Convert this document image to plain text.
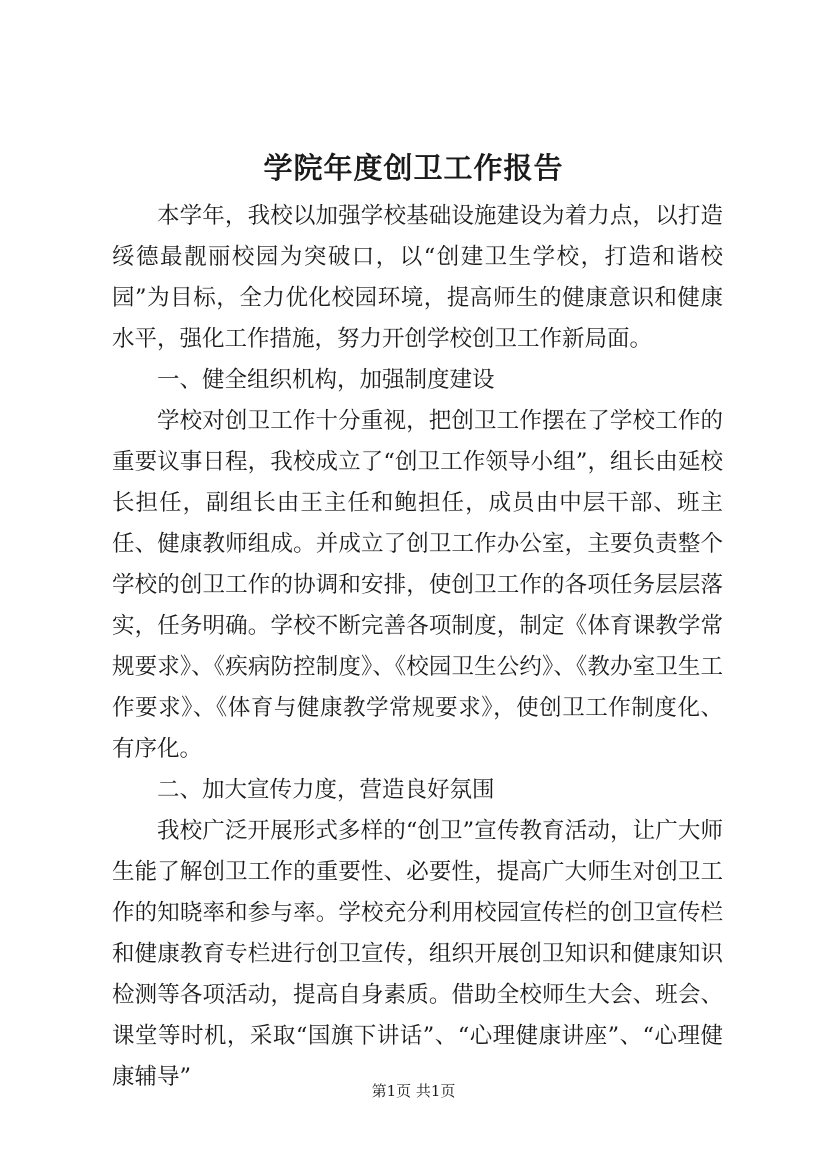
学院年度创卫工作报告

本学年，我校以加强学校基础设施建设为着力点，以打造绥德最靓丽校园为突破口，以“创建卫生学校，打造和谐校园”为目标，全力优化校园环境，提高师生的健康意识和健康水平，强化工作措施，努力开创学校创卫工作新局面。

一、健全组织机构，加强制度建设

学校对创卫工作十分重视，把创卫工作摆在了学校工作的重要议事日程，我校成立了“创卫工作领导小组”，组长由延校长担任，副组长由王主任和鲍担任，成员由中层干部、班主任、健康教师组成。并成立了创卫工作办公室，主要负责整个学校的创卫工作的协调和安排，使创卫工作的各项任务层层落实，任务明确。学校不断完善各项制度，制定《体育课教学常规要求》、《疾病防控制度》、《校园卫生公约》、《教办室卫生工作要求》、《体育与健康教学常规要求》，使创卫工作制度化、有序化。

二、加大宣传力度，营造良好氛围

我校广泛开展形式多样的“创卫”宣传教育活动，让广大师生能了解创卫工作的重要性、必要性，提高广大师生对创卫工作的知晓率和参与率。学校充分利用校园宣传栏的创卫宣传栏和健康教育专栏进行创卫宣传，组织开展创卫知识和健康知识检测等各项活动，提高自身素质。借助全校师生大会、班会、课堂等时机，采取“国旗下讲话”、“心理健康讲座”、“心理健康辅导”

第1页 共1页
